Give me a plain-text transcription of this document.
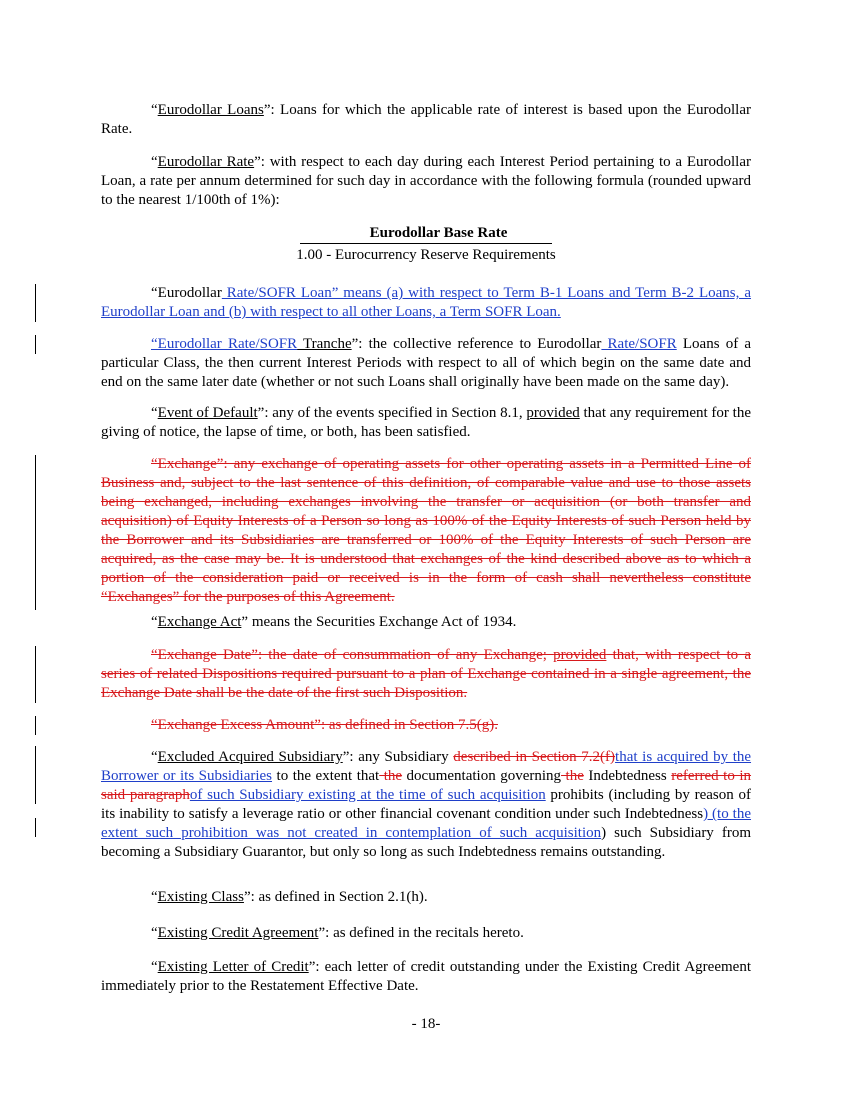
“Eurodollar Loans”: Loans for which the applicable rate of interest is based upon the Eurodollar Rate.

“Eurodollar Rate”: with respect to each day during each Interest Period pertaining to a Eurodollar Loan, a rate per annum determined for such day in accordance with the following formula (rounded upward to the nearest 1/100th of 1%):

Eurodollar Base Rate
1.00 - Eurocurrency Reserve Requirements

“Eurodollar Rate/SOFR Loan” means (a) with respect to Term B-1 Loans and Term B-2 Loans, a Eurodollar Loan and (b) with respect to all other Loans, a Term SOFR Loan.

“Eurodollar Rate/SOFR Tranche”: the collective reference to Eurodollar Rate/SOFR Loans of a particular Class, the then current Interest Periods with respect to all of which begin on the same date and end on the same later date (whether or not such Loans shall originally have been made on the same day).

“Event of Default”: any of the events specified in Section 8.1, provided that any requirement for the giving of notice, the lapse of time, or both, has been satisfied.

“Exchange”: any exchange of operating assets for other operating assets in a Permitted Line of Business and, subject to the last sentence of this definition, of comparable value and use to those assets being exchanged, including exchanges involving the transfer or acquisition (or both transfer and acquisition) of Equity Interests of a Person so long as 100% of the Equity Interests of such Person held by the Borrower and its Subsidiaries are transferred or 100% of the Equity Interests of such Person are acquired, as the case may be. It is understood that exchanges of the kind described above as to which a portion of the consideration paid or received is in the form of cash shall nevertheless constitute “Exchanges” for the purposes of this Agreement.

“Exchange Act” means the Securities Exchange Act of 1934.

“Exchange Date”: the date of consummation of any Exchange; provided that, with respect to a series of related Dispositions required pursuant to a plan of Exchange contained in a single agreement, the Exchange Date shall be the date of the first such Disposition.

“Exchange Excess Amount”: as defined in Section 7.5(g).

“Excluded Acquired Subsidiary”: any Subsidiary described in Section 7.2(f)that is acquired by the Borrower or its Subsidiaries to the extent that the documentation governing the Indebtedness referred to in said paragraphof such Subsidiary existing at the time of such acquisition prohibits (including by reason of its inability to satisfy a leverage ratio or other financial covenant condition under such Indebtedness) (to the extent such prohibition was not created in contemplation of such acquisition) such Subsidiary from becoming a Subsidiary Guarantor, but only so long as such Indebtedness remains outstanding.

“Existing Class”: as defined in Section 2.1(h).

“Existing Credit Agreement”: as defined in the recitals hereto.

“Existing Letter of Credit”: each letter of credit outstanding under the Existing Credit Agreement immediately prior to the Restatement Effective Date.

- 18-
